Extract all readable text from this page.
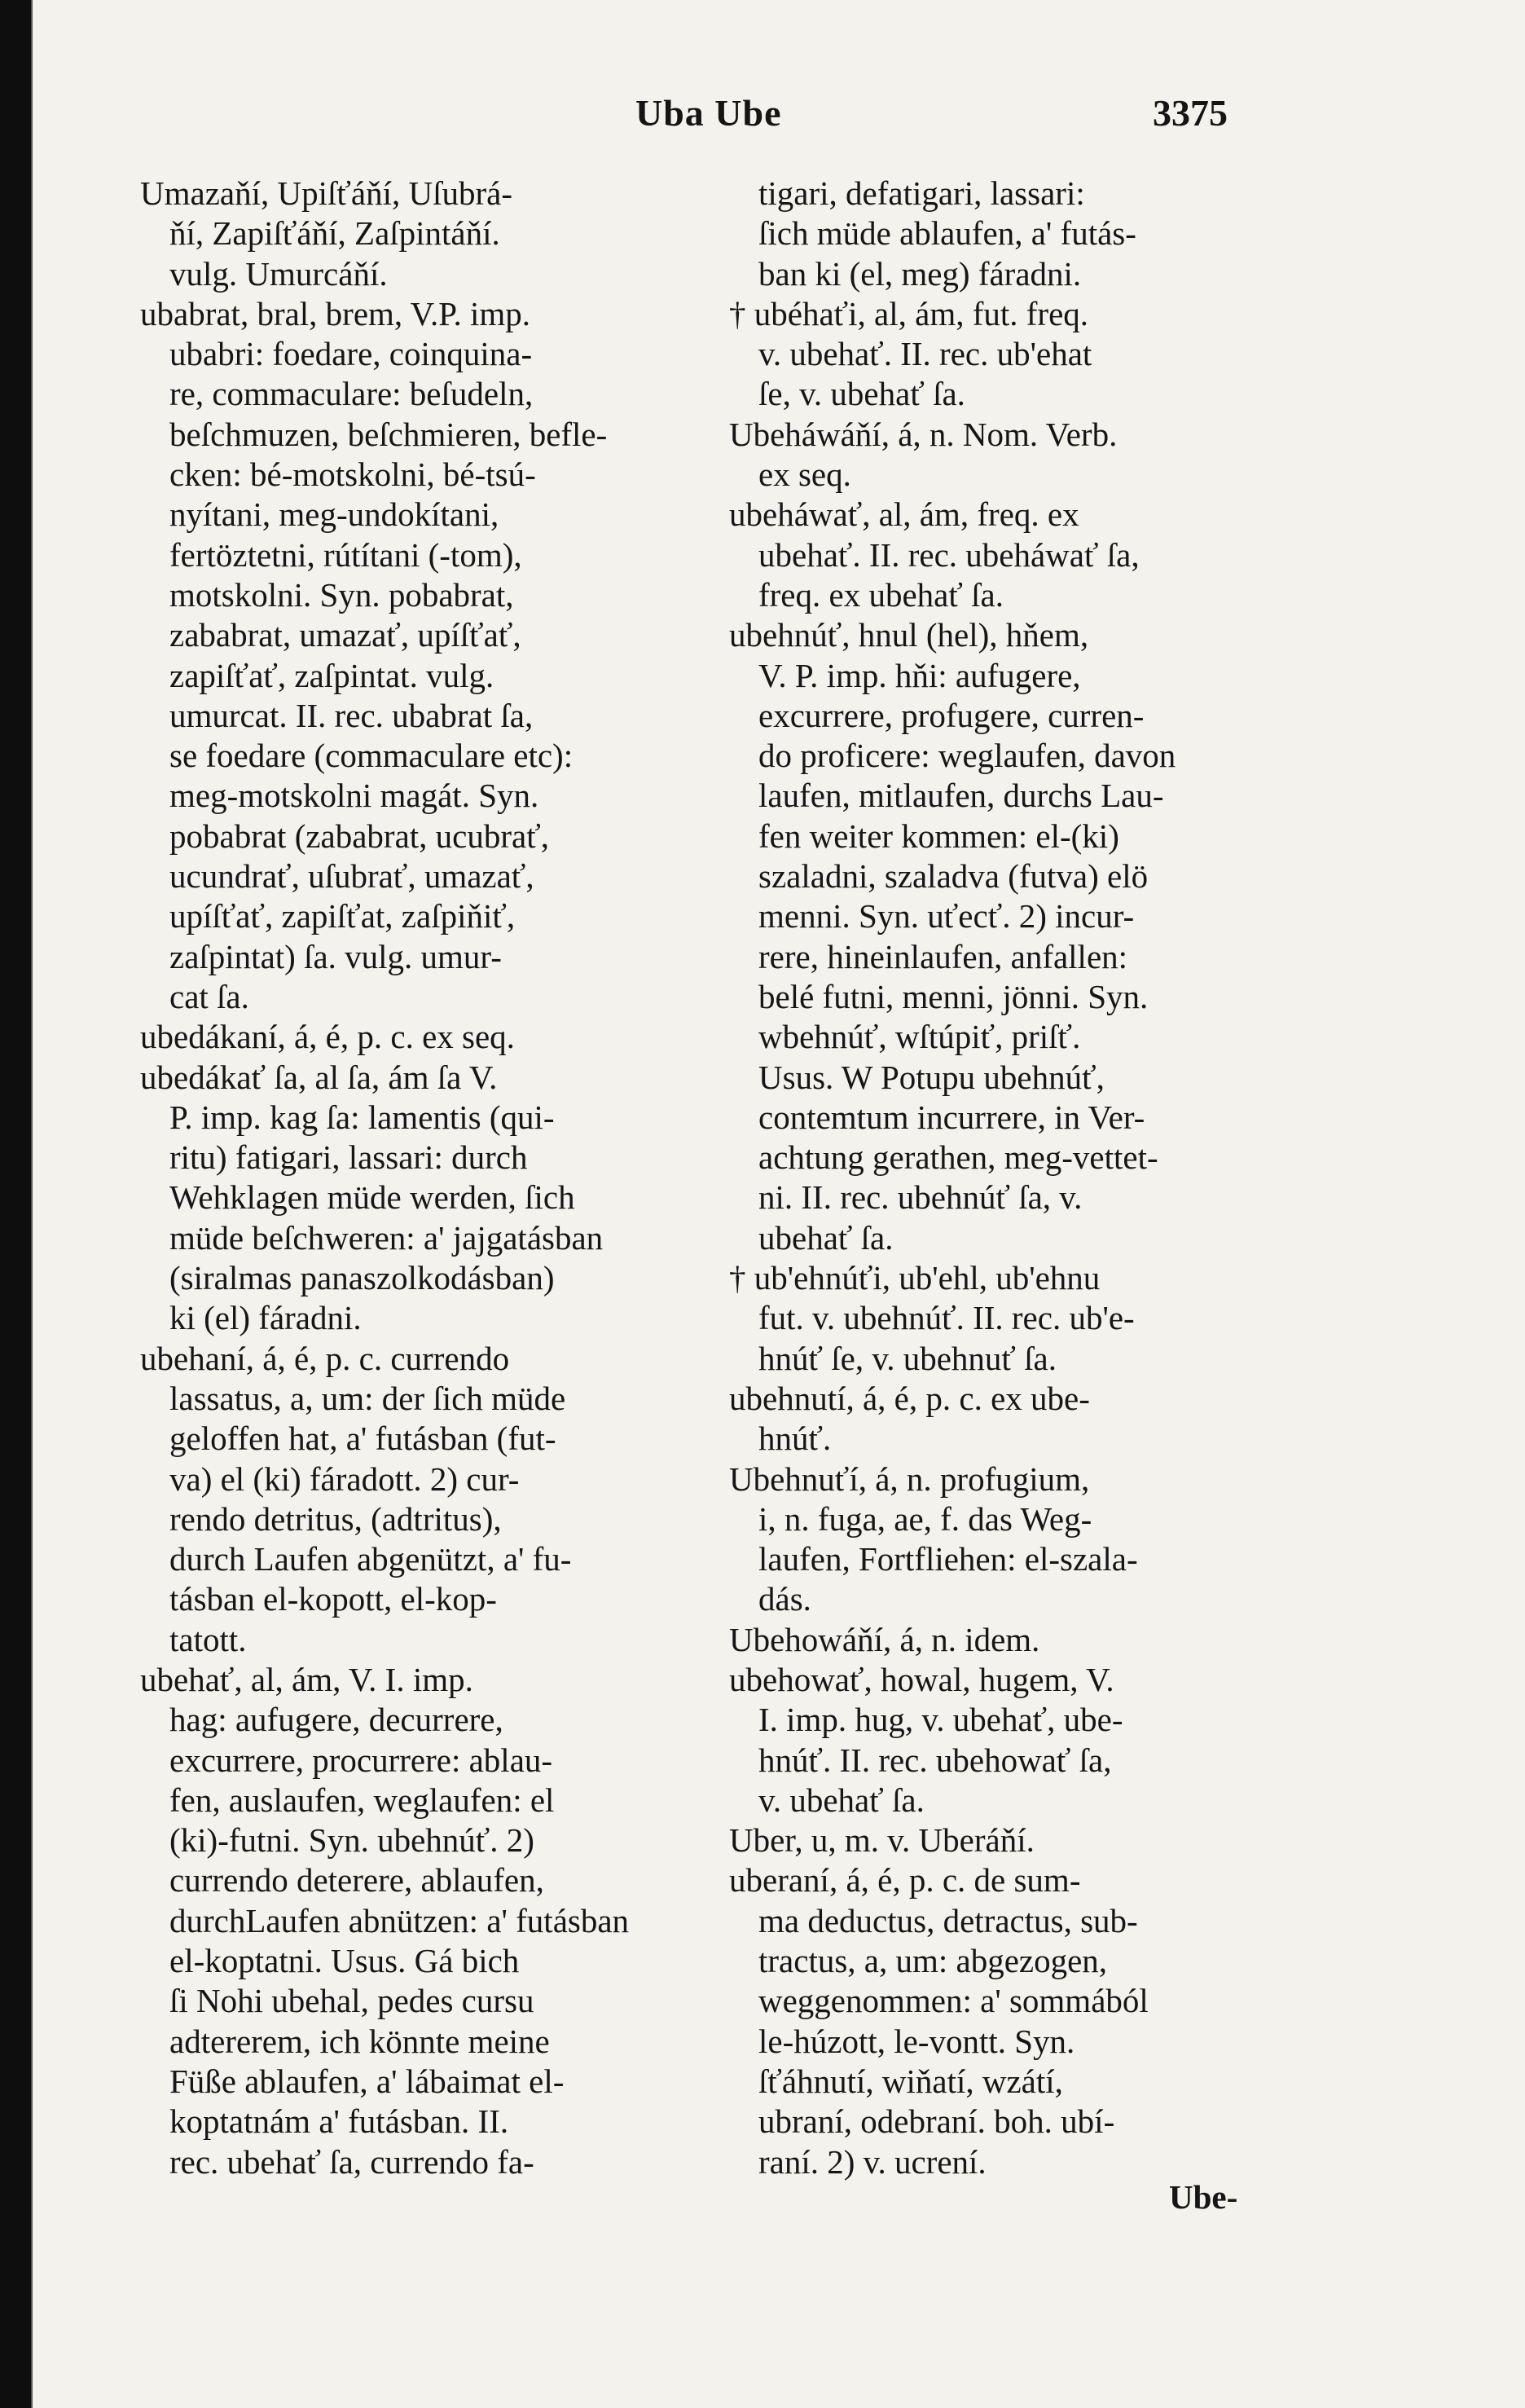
Uba Ube	3375
Umazaňí, Upiſťáňí, Uſubrá-
ňí, Zapiſťáňí, Zaſpintáňí.
vulg. Umurcáňí.
ubabrat, bral, brem, V.P. imp.
ubabri: foedare, coinquina-
re, commaculare: beſudeln,
beſchmuzen, beſchmieren, befle-
cken: bé-motskolni, bé-tsú-
nyítani, meg-undokítani,
fertöztetni, rútítani (-tom),
motskolni. Syn. pobabrat,
zababrat, umazať, upíſťať,
zapiſťať, zaſpintat. vulg.
umurcat. II. rec. ubabrat ſa,
se foedare (commaculare etc):
meg-motskolni magát. Syn.
pobabrat (zababrat, ucubrať,
ucundrať, uſubrať, umazať,
upíſťať, zapiſťat, zaſpiňiť,
zaſpintat) ſa. vulg. umur-
cat ſa.
ubedákaní, á, é, p. c. ex seq.
ubedákať ſa, al ſa, ám ſa V.
P. imp. kag ſa: lamentis (qui-
ritu) fatigari, lassari: durch
Wehklagen müde werden, ſich
müde beſchweren: a' jajgatásban
(siralmas panaszolkodásban)
ki (el) fáradni.
ubehaní, á, é, p. c. currendo
lassatus, a, um: der ſich müde
geloffen hat, a' futásban (fut-
va) el (ki) fáradott. 2) cur-
rendo detritus, (adtritus),
durch Laufen abgenützt, a' fu-
tásban el-kopott, el-kop-
tatott.
ubehať, al, ám, V. I. imp.
hag: aufugere, decurrere,
excurrere, procurrere: ablau-
fen, auslaufen, weglaufen: el
(ki)-futni. Syn. ubehnúť. 2)
currendo deterere, ablaufen,
durchLaufen abnützen: a' futásban
el-koptatni. Usus. Gá bich
ſi Nohi ubehal, pedes cursu
adtererem, ich könnte meine
Füße ablaufen, a' lábaimat el-
koptatnám a' futásban. II.
rec. ubehať ſa, currendo fa-
tigari, defatigari, lassari:
ſich müde ablaufen, a' futás-
ban ki (el, meg) fáradni.
† ubéhaťi, al, ám, fut. freq.
v. ubehať. II. rec. ub'ehat
ſe, v. ubehať ſa.
Ubeháwáňí, á, n. Nom. Verb.
ex seq.
ubeháwať, al, ám, freq. ex
ubehať. II. rec. ubeháwať ſa,
freq. ex ubehať ſa.
ubehnúť, hnul (hel), hňem,
V. P. imp. hňi: aufugere,
excurrere, profugere, curren-
do proficere: weglaufen, davon
laufen, mitlaufen, durchs Lau-
fen weiter kommen: el-(ki)
szaladni, szaladva (futva) elö
menni. Syn. uťecť. 2) incur-
rere, hineinlaufen, anfallen:
belé futni, menni, jönni. Syn.
wbehnúť, wſtúpiť, priſť.
Usus. W Potupu ubehnúť,
contemtum incurrere, in Ver-
achtung gerathen, meg-vettet-
ni. II. rec. ubehnúť ſa, v.
ubehať ſa.
† ub'ehnúťi, ub'ehl, ub'ehnu
fut. v. ubehnúť. II. rec. ub'e-
hnúť ſe, v. ubehnuť ſa.
ubehnutí, á, é, p. c. ex ube-
hnúť.
Ubehnuťí, á, n. profugium,
i, n. fuga, ae, f. das Weg-
laufen, Fortfliehen: el-szala-
dás.
Ubehowáňí, á, n. idem.
ubehowať, howal, hugem, V.
I. imp. hug, v. ubehať, ube-
hnúť. II. rec. ubehowať ſa,
v. ubehať ſa.
Uber, u, m. v. Uberáňí.
uberaní, á, é, p. c. de sum-
ma deductus, detractus, sub-
tractus, a, um: abgezogen,
weggenommen: a' sommából
le-húzott, le-vontt. Syn.
ſťáhnutí, wiňatí, wzátí,
ubraní, odebraní. boh. ubí-
raní. 2) v. ucrení.
Ube-
